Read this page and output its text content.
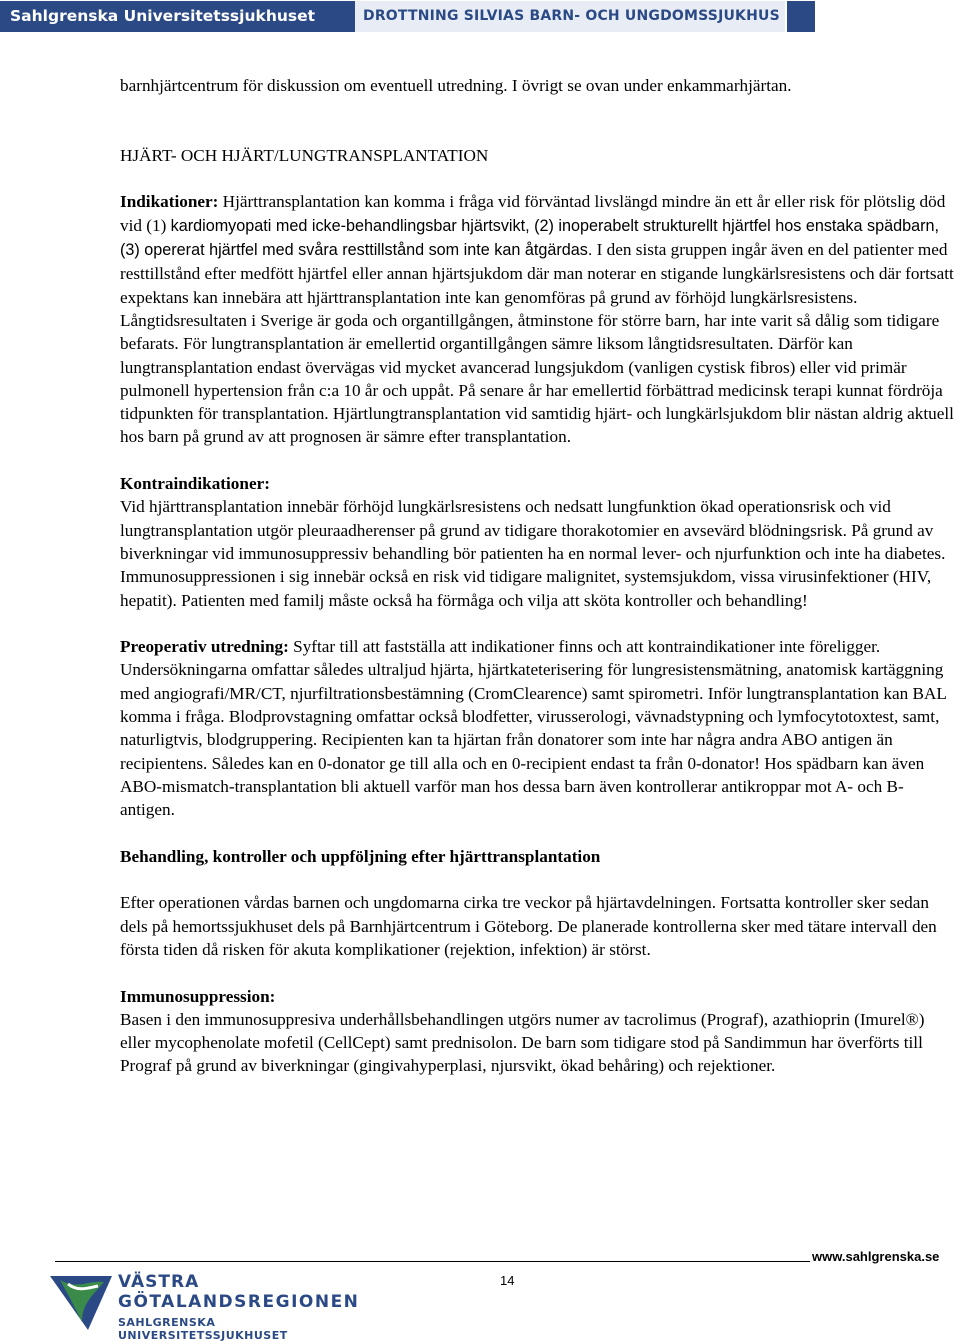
Sahlgrenska Universitetssjukhuset	DROTTNING SILVIAS BARN- OCH UNGDOMSSJUKHUS

barnhjärtcentrum för diskussion om eventuell utredning. I övrigt se ovan under enkammarhjärtan.

HJÄRT- OCH HJÄRT/LUNGTRANSPLANTATION

Indikationer: Hjärttransplantation kan komma i fråga vid förväntad livslängd mindre än ett år eller risk för plötslig död vid (1) kardiomyopati med icke-behandlingsbar hjärtsvikt, (2) inoperabelt strukturellt hjärtfel hos enstaka spädbarn, (3) opererat hjärtfel med svåra resttillstånd som inte kan åtgärdas. I den sista gruppen ingår även en del patienter med resttillstånd efter medfött hjärtfel eller annan hjärtsjukdom där man noterar en stigande lungkärlsresistens och där fortsatt expektans kan innebära att hjärttransplantation inte kan genomföras på grund av förhöjd lungkärlsresistens. Långtidsresultaten i Sverige är goda och organtillgången, åtminstone för större barn, har inte varit så dålig som tidigare befarats. För lungtransplantation är emellertid organtillgången sämre liksom långtidsresultaten. Därför kan lungtransplantation endast övervägas vid mycket avancerad lungsjukdom (vanligen cystisk fibros) eller vid primär pulmonell hypertension från c:a 10 år och uppåt. På senare år har emellertid förbättrad medicinsk terapi kunnat fördröja tidpunkten för transplantation. Hjärtlungtransplantation vid samtidig hjärt- och lungkärlsjukdom blir nästan aldrig aktuell hos barn på grund av att prognosen är sämre efter transplantation.

Kontraindikationer:

Vid hjärttransplantation innebär förhöjd lungkärlsresistens och nedsatt lungfunktion ökad operationsrisk och vid lungtransplantation utgör pleuraadherenser på grund av tidigare thorakotomier en avsevärd blödningsrisk. På grund av biverkningar vid immunosuppressiv behandling bör patienten ha en normal lever- och njurfunktion och inte ha diabetes. Immunosuppressionen i sig innebär också en risk vid tidigare malignitet, systemsjukdom, vissa virusinfektioner (HIV, hepatit). Patienten med familj måste också ha förmåga och vilja att sköta kontroller och behandling!

Preoperativ utredning: Syftar till att fastställa att indikationer finns och att kontraindikationer inte föreligger. Undersökningarna omfattar således ultraljud hjärta, hjärtkateterisering för lungresistensmätning, anatomisk kartäggning med angiografi/MR/CT, njurfiltrationsbestämning (CromClearence) samt spirometri. Inför lungtransplantation kan BAL komma i fråga. Blodprovstagning omfattar också blodfetter, virusserologi, vävnadstypning och lymfocytotoxtest, samt, naturligtvis, blodgruppering. Recipienten kan ta hjärtan från donatorer som inte har några andra ABO antigen än recipientens. Således kan en 0-donator ge till alla och en 0-recipient endast ta från 0-donator! Hos spädbarn kan även ABO-mismatch-transplantation bli aktuell varför man hos dessa barn även kontrollerar antikroppar mot A- och B-antigen.

Behandling, kontroller och uppföljning efter hjärttransplantation

Efter operationen vårdas barnen och ungdomarna cirka tre veckor på hjärtavdelningen. Fortsatta kontroller sker sedan dels på hemortssjukhuset dels på Barnhjärtcentrum i Göteborg. De planerade kontrollerna sker med tätare intervall den första tiden då risken för akuta komplikationer (rejektion, infektion) är störst.

Immunosuppression:

Basen i den immunosuppresiva underhållsbehandlingen utgörs numer av tacrolimus (Prograf), azathioprin (Imurel®) eller mycophenolate mofetil (CellCept) samt prednisolon. De barn som tidigare stod på Sandimmun har överförts till Prograf på grund av biverkningar (gingivahyperplasi, njursvikt, ökad behåring) och rejektioner.

www.sahlgrenska.se
14
VÄSTRA
GÖTALANDSREGIONEN
SAHLGRENSKA UNIVERSITETSSJUKHUSET
